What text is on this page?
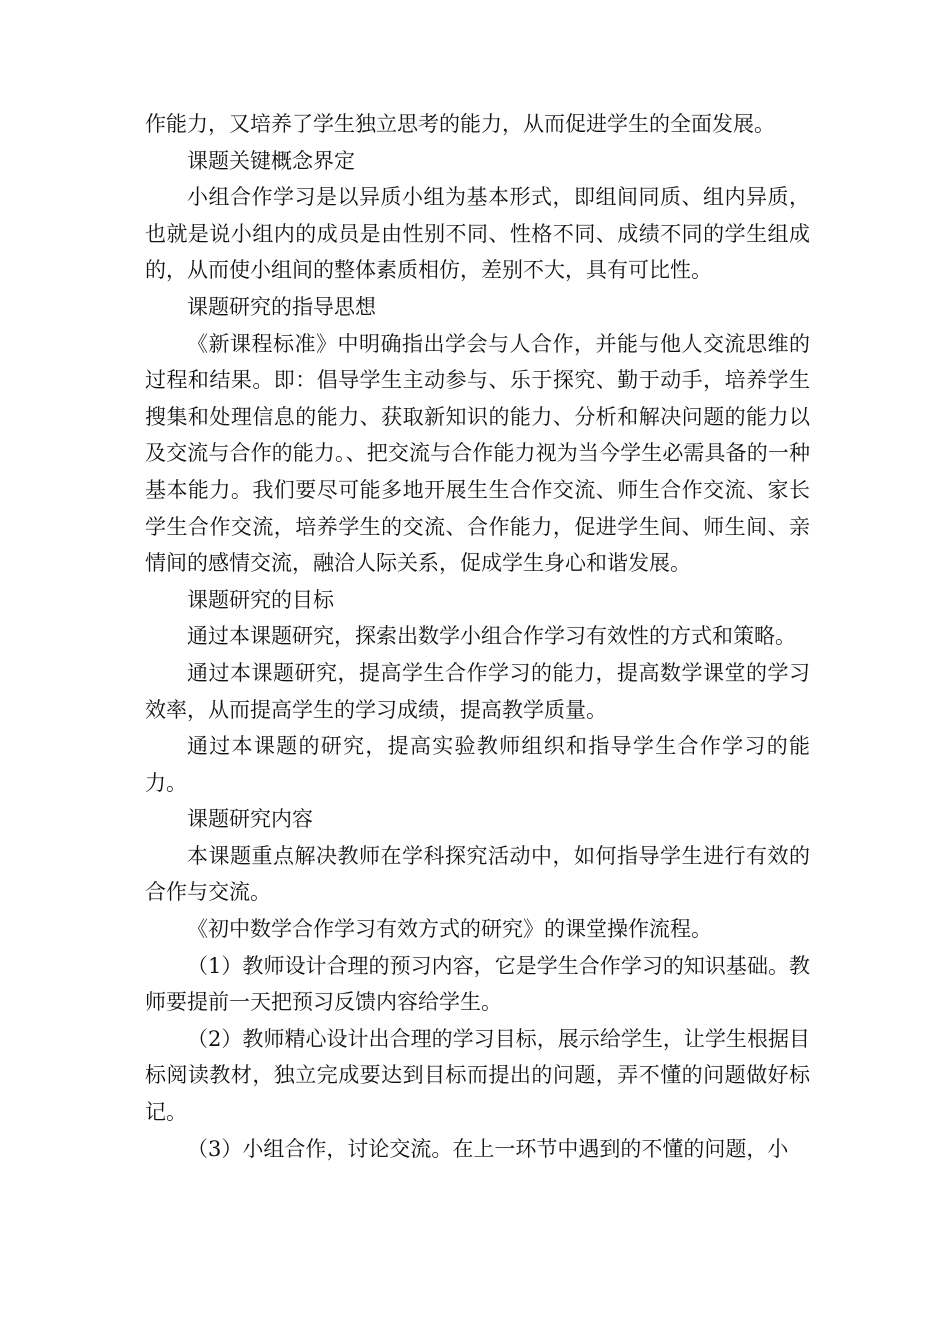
作能力，又培养了学生独立思考的能力，从而促进学生的全面发展。

课题关键概念界定

小组合作学习是以异质小组为基本形式，即组间同质、组内异质，也就是说小组内的成员是由性别不同、性格不同、成绩不同的学生组成的，从而使小组间的整体素质相仿，差别不大，具有可比性。

课题研究的指导思想

《新课程标准》中明确指出学会与人合作，并能与他人交流思维的过程和结果。即：倡导学生主动参与、乐于探究、勤于动手，培养学生搜集和处理信息的能力、获取新知识的能力、分析和解决问题的能力以及交流与合作的能力。、把交流与合作能力视为当今学生必需具备的一种基本能力。我们要尽可能多地开展生生合作交流、师生合作交流、家长学生合作交流，培养学生的交流、合作能力，促进学生间、师生间、亲情间的感情交流，融洽人际关系，促成学生身心和谐发展。

课题研究的目标

通过本课题研究，探索出数学小组合作学习有效性的方式和策略。

通过本课题研究，提高学生合作学习的能力，提高数学课堂的学习效率，从而提高学生的学习成绩，提高教学质量。

通过本课题的研究，提高实验教师组织和指导学生合作学习的能力。

课题研究内容

本课题重点解决教师在学科探究活动中，如何指导学生进行有效的合作与交流。

《初中数学合作学习有效方式的研究》的课堂操作流程。

（1）教师设计合理的预习内容，它是学生合作学习的知识基础。教师要提前一天把预习反馈内容给学生。

（2）教师精心设计出合理的学习目标，展示给学生，让学生根据目标阅读教材，独立完成要达到目标而提出的问题，弄不懂的问题做好标记。

（3）小组合作，讨论交流。在上一环节中遇到的不懂的问题，小
